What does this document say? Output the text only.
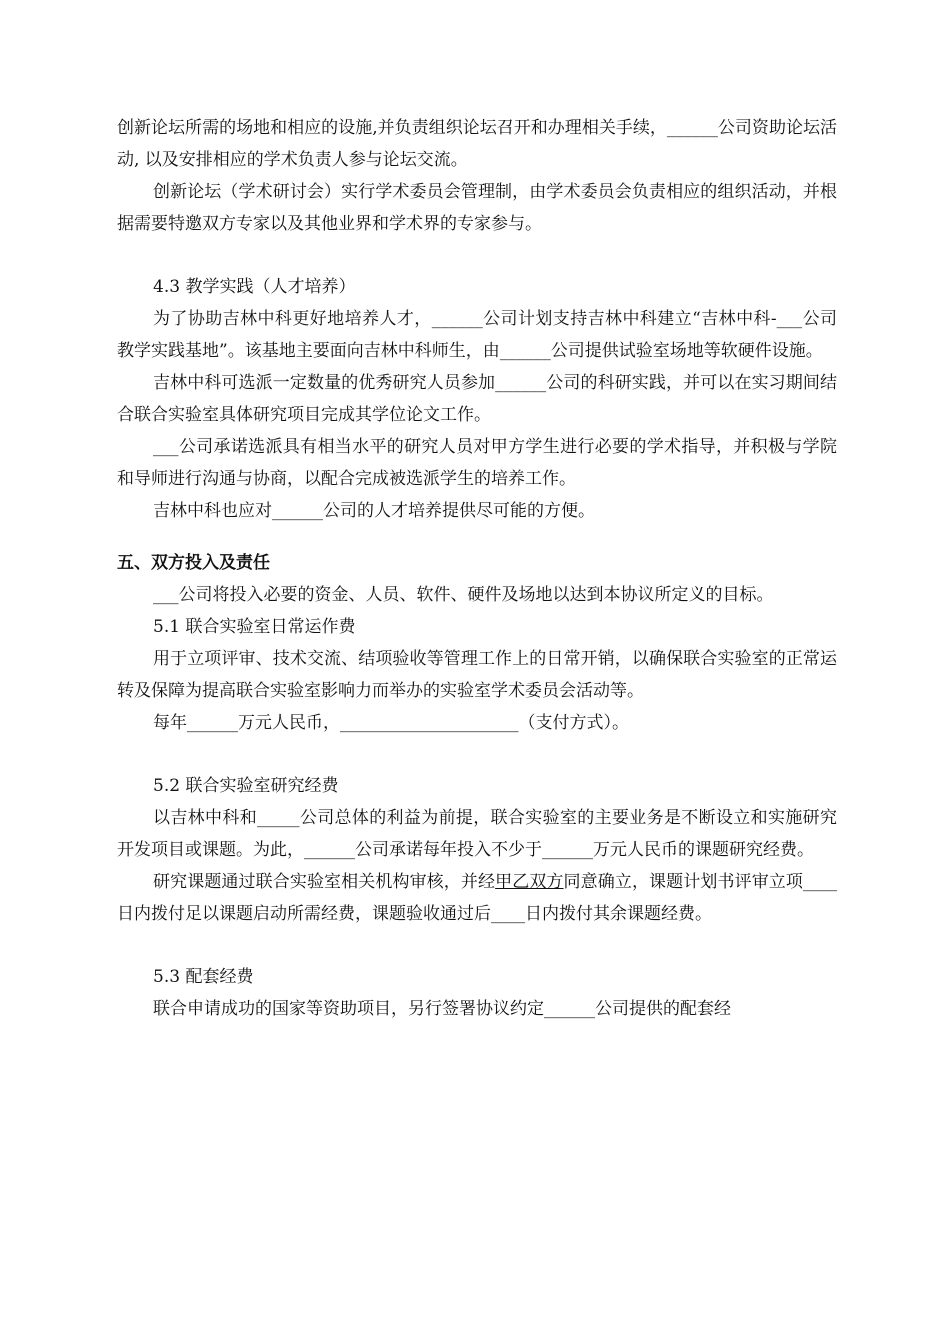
创新论坛所需的场地和相应的设施,并负责组织论坛召开和办理相关手续，______公司资助论坛活动, 以及安排相应的学术负责人参与论坛交流。

创新论坛（学术研讨会）实行学术委员会管理制，由学术委员会负责相应的组织活动，并根据需要特邀双方专家以及其他业界和学术界的专家参与。

4.3 教学实践（人才培养）

为了协助吉林中科更好地培养人才，______公司计划支持吉林中科建立“吉林中科-___公司教学实践基地”。该基地主要面向吉林中科师生，由______公司提供试验室场地等软硬件设施。

吉林中科可选派一定数量的优秀研究人员参加______公司的科研实践，并可以在实习期间结合联合实验室具体研究项目完成其学位论文工作。

___公司承诺选派具有相当水平的研究人员对甲方学生进行必要的学术指导，并积极与学院和导师进行沟通与协商，以配合完成被选派学生的培养工作。

吉林中科也应对______公司的人才培养提供尽可能的方便。

五、双方投入及责任

___公司将投入必要的资金、人员、软件、硬件及场地以达到本协议所定义的目标。

5.1 联合实验室日常运作费

用于立项评审、技术交流、结项验收等管理工作上的日常开销，以确保联合实验室的正常运转及保障为提高联合实验室影响力而举办的实验室学术委员会活动等。

每年______万元人民币，_____________________（支付方式）。

5.2 联合实验室研究经费

以吉林中科和_____公司总体的利益为前提，联合实验室的主要业务是不断设立和实施研究开发项目或课题。为此，______公司承诺每年投入不少于______万元人民币的课题研究经费。

研究课题通过联合实验室相关机构审核，并经甲乙双方同意确立，课题计划书评审立项____日内拨付足以课题启动所需经费，课题验收通过后____日内拨付其余课题经费。

5.3 配套经费

联合申请成功的国家等资助项目，另行签署协议约定______公司提供的配套经
